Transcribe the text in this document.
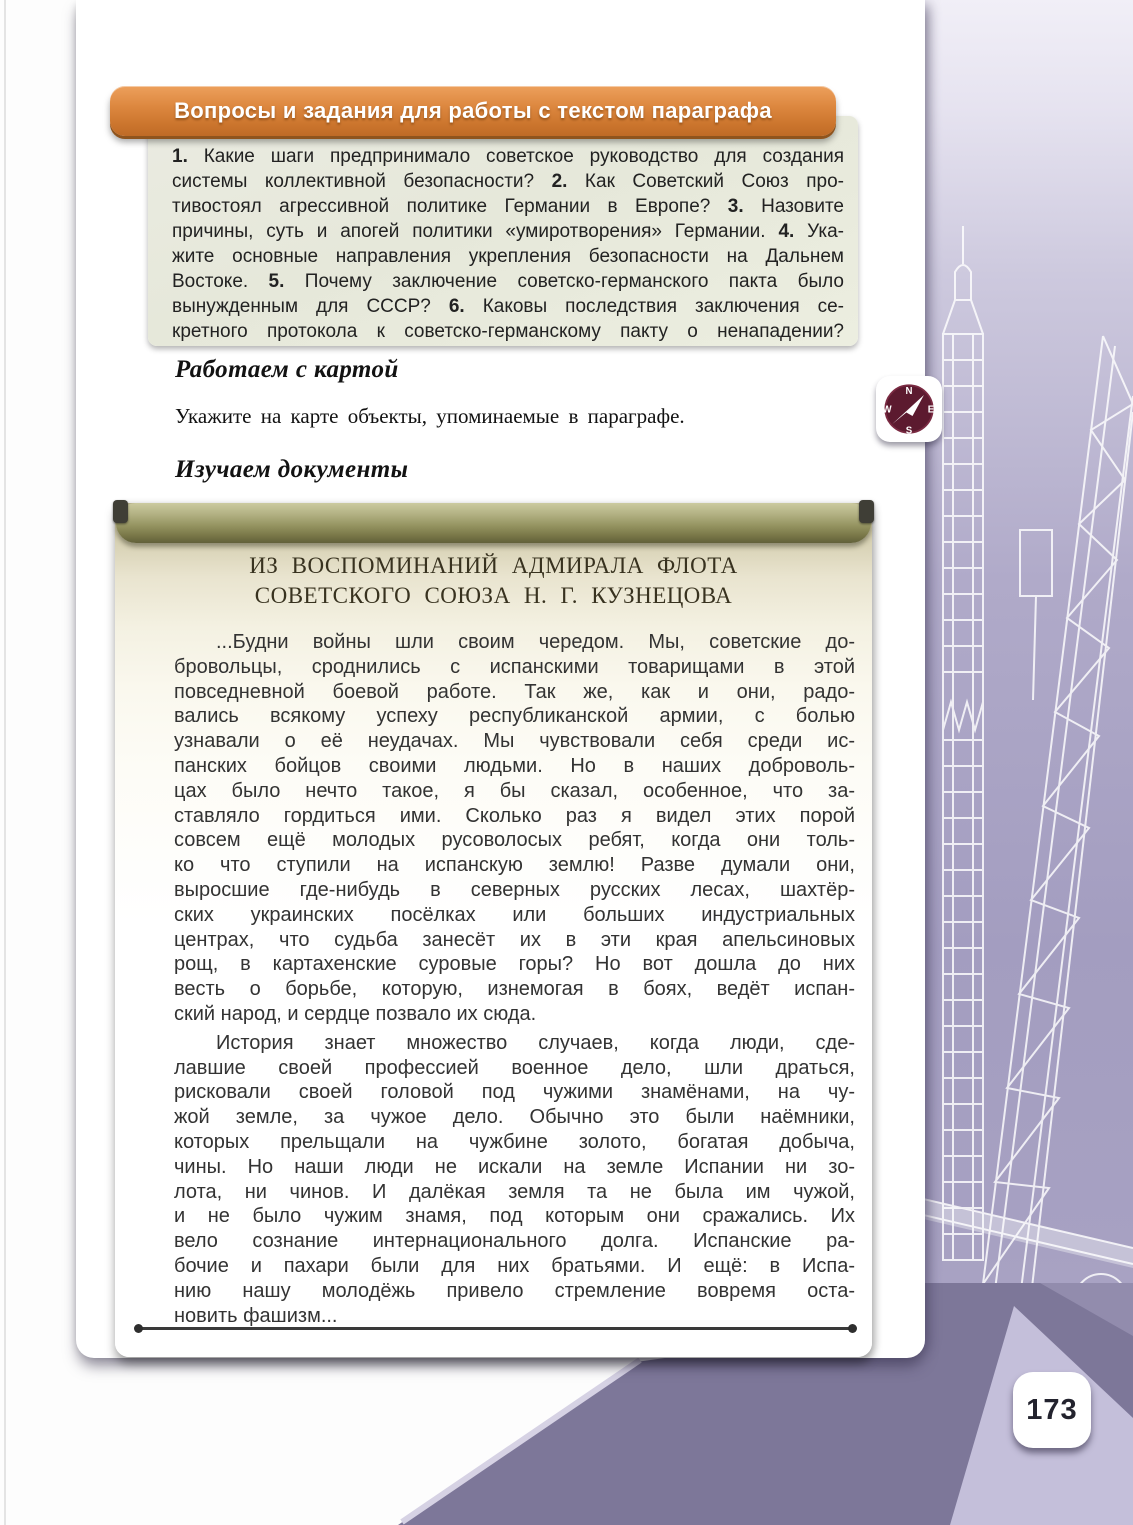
Вопросы и задания для работы с текстом параграфа
1. Какие шаги предпринимало советское руководство для создания
системы коллективной безопасности? 2. Как Советский Союз про-
тивостоял агрессивной политике Германии в Европе? 3. Назовите
причины, суть и апогей политики «умиротворения» Германии. 4. Ука-
жите основные направления укрепления безопасности на Дальнем
Востоке. 5. Почему заключение советско-германского пакта было
вынужденным для СССР? 6. Каковы последствия заключения се-
кретного протокола к советско-германскому пакту о ненападении?
Работаем с картой

Укажите на карте объекты, упоминаемые в параграфе.

N
S
W	E
Изучаем документы
ИЗ ВОСПОМИНАНИЙ АДМИРАЛА ФЛОТА
СОВЕТСКОГО СОЮЗА Н. Г. КУЗНЕЦОВА
...Будни войны шли своим чередом. Мы, советские до-
бровольцы, сроднились с испанскими товарищами в этой
повседневной боевой работе. Так же, как и они, радо-
вались всякому успеху республиканской армии, с болью
узнавали о её неудачах. Мы чувствовали себя среди ис-
панских бойцов своими людьми. Но в наших доброволь-
цах было нечто такое, я бы сказал, особенное, что за-
ставляло гордиться ими. Сколько раз я видел этих порой
совсем ещё молодых русоволосых ребят, когда они толь-
ко что ступили на испанскую землю! Разве думали они,
выросшие где-нибудь в северных русских лесах, шахтёр-
ских украинских посёлках или больших индустриальных
центрах, что судьба занесёт их в эти края апельсиновых
рощ, в картахенские суровые горы? Но вот дошла до них
весть о борьбе, которую, изнемогая в боях, ведёт испан-
ский народ, и сердце позвало их сюда.
История знает множество случаев, когда люди, сде-
лавшие своей профессией военное дело, шли драться,
рисковали своей головой под чужими знамёнами, на чу-
жой земле, за чужое дело. Обычно это были наёмники,
которых прельщали на чужбине золото, богатая добыча,
чины. Но наши люди не искали на земле Испании ни зо-
лота, ни чинов. И далёкая земля та не была им чужой,
и не было чужим знамя, под которым они сражались. Их
вело сознание интернационального долга. Испанские ра-
бочие и пахари были для них братьями. И ещё: в Испа-
нию нашу молодёжь привело стремление вовремя оста-
новить фашизм...
173
